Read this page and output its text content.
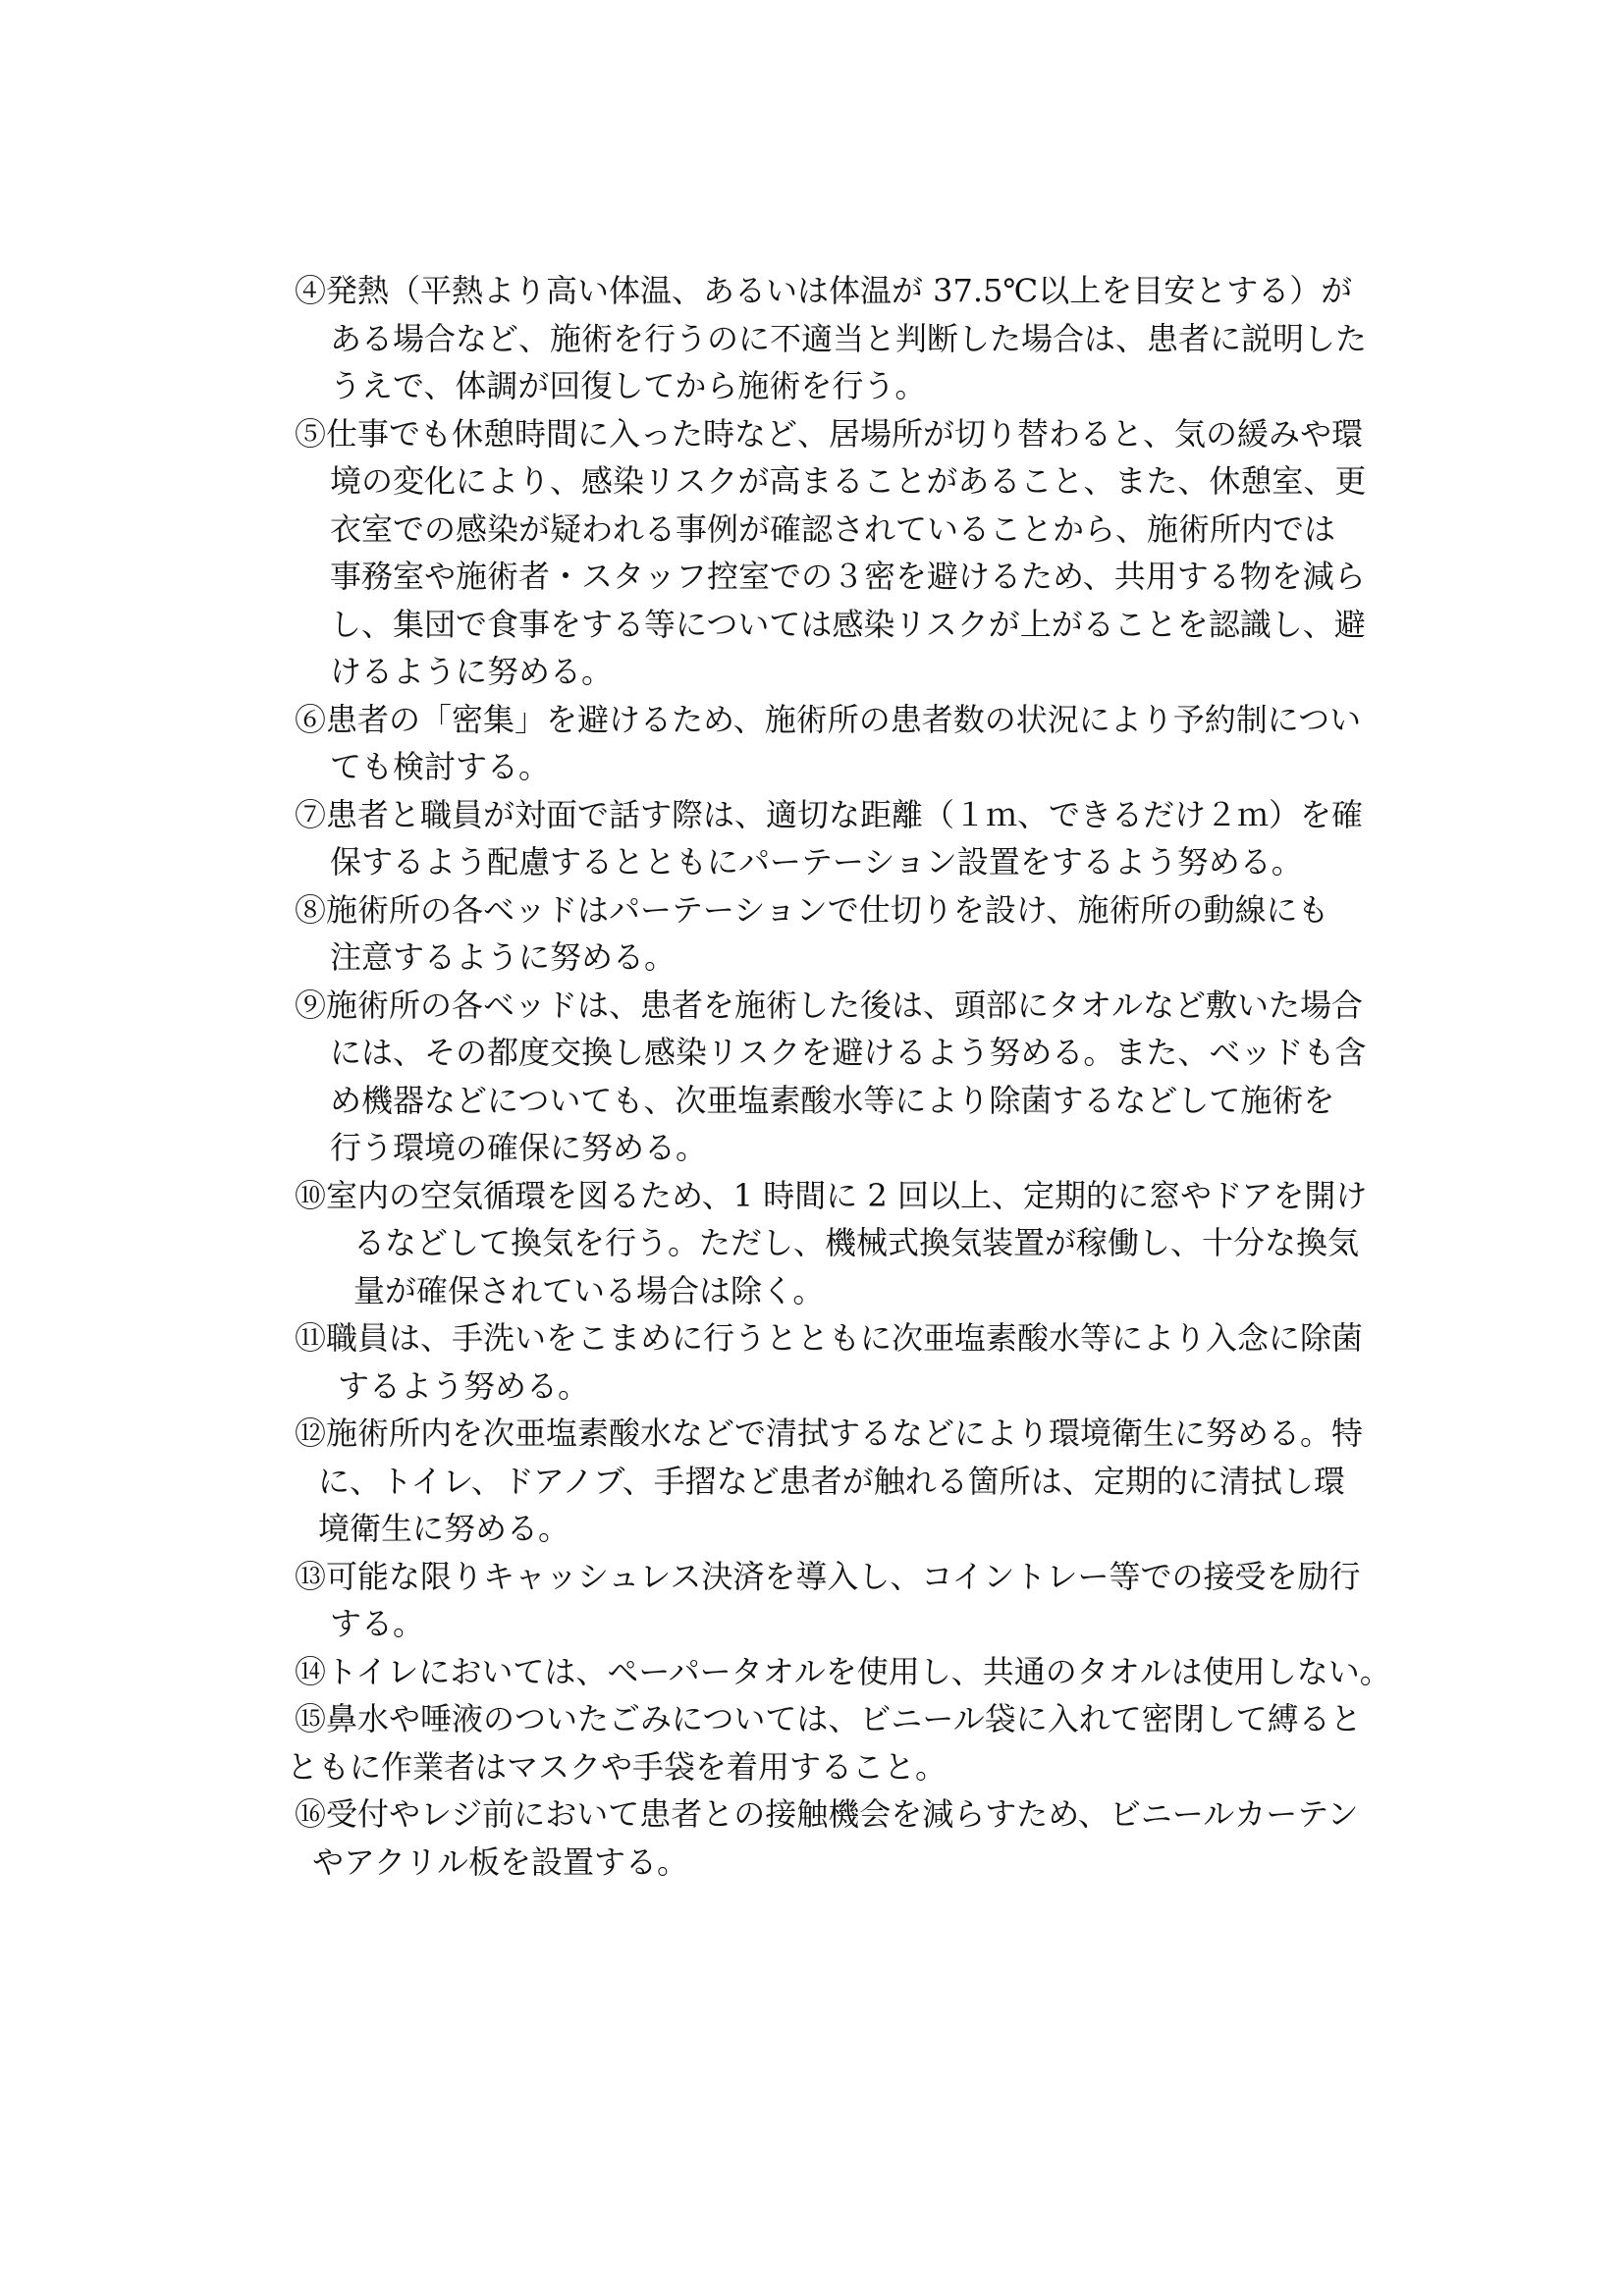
④発熱（平熱より高い体温、あるいは体温が 37.5℃以上を目安とする）が
ある場合など、施術を行うのに不適当と判断した場合は、患者に説明した
うえで、体調が回復してから施術を行う。

⑤仕事でも休憩時間に入った時など、居場所が切り替わると、気の緩みや環
境の変化により、感染リスクが高まることがあること、また、休憩室、更
衣室での感染が疑われる事例が確認されていることから、施術所内では
事務室や施術者・スタッフ控室での３密を避けるため、共用する物を減ら
し、集団で食事をする等については感染リスクが上がることを認識し、避
けるように努める。

⑥患者の「密集」を避けるため、施術所の患者数の状況により予約制につい
ても検討する。

⑦患者と職員が対面で話す際は、適切な距離（１ｍ、できるだけ２ｍ）を確
保するよう配慮するとともにパーテーション設置をするよう努める。

⑧施術所の各ベッドはパーテーションで仕切りを設け、施術所の動線にも
注意するように努める。

⑨施術所の各ベッドは、患者を施術した後は、頭部にタオルなど敷いた場合
には、その都度交換し感染リスクを避けるよう努める。また、ベッドも含
め機器などについても、次亜塩素酸水等により除菌するなどして施術を
行う環境の確保に努める。

⑩室内の空気循環を図るため、1 時間に 2 回以上、定期的に窓やドアを開け
るなどして換気を行う。ただし、機械式換気装置が稼働し、十分な換気
量が確保されている場合は除く。

⑪職員は、手洗いをこまめに行うとともに次亜塩素酸水等により入念に除菌
するよう努める。

⑫施術所内を次亜塩素酸水などで清拭するなどにより環境衛生に努める。特
に、トイレ、ドアノブ、手摺など患者が触れる箇所は、定期的に清拭し環
境衛生に努める。

⑬可能な限りキャッシュレス決済を導入し、コイントレー等での接受を励行
する。

⑭トイレにおいては、ペーパータオルを使用し、共通のタオルは使用しない。

⑮鼻水や唾液のついたごみについては、ビニール袋に入れて密閉して縛ると
ともに作業者はマスクや手袋を着用すること。

⑯受付やレジ前において患者との接触機会を減らすため、ビニールカーテン
やアクリル板を設置する。
